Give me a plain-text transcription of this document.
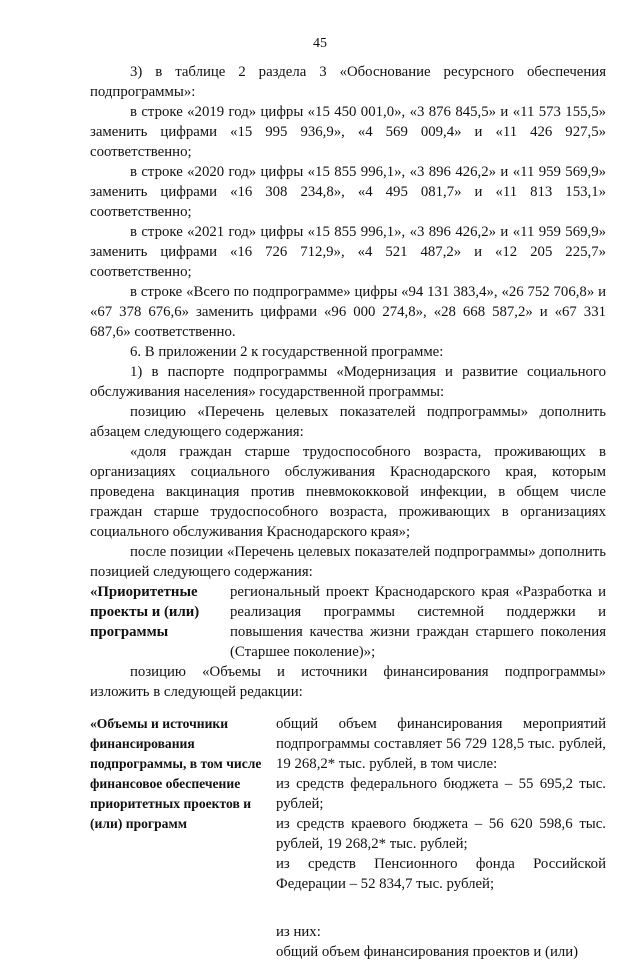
45

3) в таблице 2 раздела 3 «Обоснование ресурсного обеспечения подпрограммы»:

в строке «2019 год» цифры «15 450 001,0», «3 876 845,5» и «11 573 155,5» заменить цифрами «15 995 936,9», «4 569 009,4» и «11 426 927,5» соответственно;

в строке «2020 год» цифры «15 855 996,1», «3 896 426,2» и «11 959 569,9» заменить цифрами «16 308 234,8», «4 495 081,7» и «11 813 153,1» соответственно;

в строке «2021 год» цифры «15 855 996,1», «3 896 426,2» и «11 959 569,9» заменить цифрами «16 726 712,9», «4 521 487,2» и «12 205 225,7» соответственно;

в строке «Всего по подпрограмме» цифры «94 131 383,4», «26 752 706,8» и «67 378 676,6» заменить цифрами «96 000 274,8», «28 668 587,2» и «67 331 687,6» соответственно.

6. В приложении 2 к государственной программе:

1) в паспорте подпрограммы «Модернизация и развитие социального обслуживания населения» государственной программы:

позицию «Перечень целевых показателей подпрограммы» дополнить абзацем следующего содержания:

«доля граждан старше трудоспособного возраста, проживающих в организациях социального обслуживания Краснодарского края, которым проведена вакцинация против пневмококковой инфекции, в общем числе граждан старше трудоспособного возраста, проживающих в организациях социального обслуживания Краснодарского края»;

после позиции «Перечень целевых показателей подпрограммы» дополнить позицией следующего содержания:

«Приоритетные проекты и (или) программы
региональный проект Краснодарского края «Разработка и реализация программы системной поддержки и повышения качества жизни граждан старшего поколения (Старшее поколение)»;

позицию «Объемы и источники финансирования подпрограммы» изложить в следующей редакции:

«Объемы и источники финансирования подпрограммы, в том числе финансовое обеспечение приоритетных проектов и (или) программ

общий объем финансирования мероприятий подпрограммы составляет 56 729 128,5 тыс. рублей, 19 268,2* тыс. рублей, в том числе:

из средств федерального бюджета – 55 695,2 тыс. рублей;

из средств краевого бюджета – 56 620 598,6 тыс. рублей, 19 268,2* тыс. рублей;

из средств Пенсионного фонда Российской Федерации – 52 834,7 тыс. рублей;

из них:

общий объем финансирования проектов и (или)
